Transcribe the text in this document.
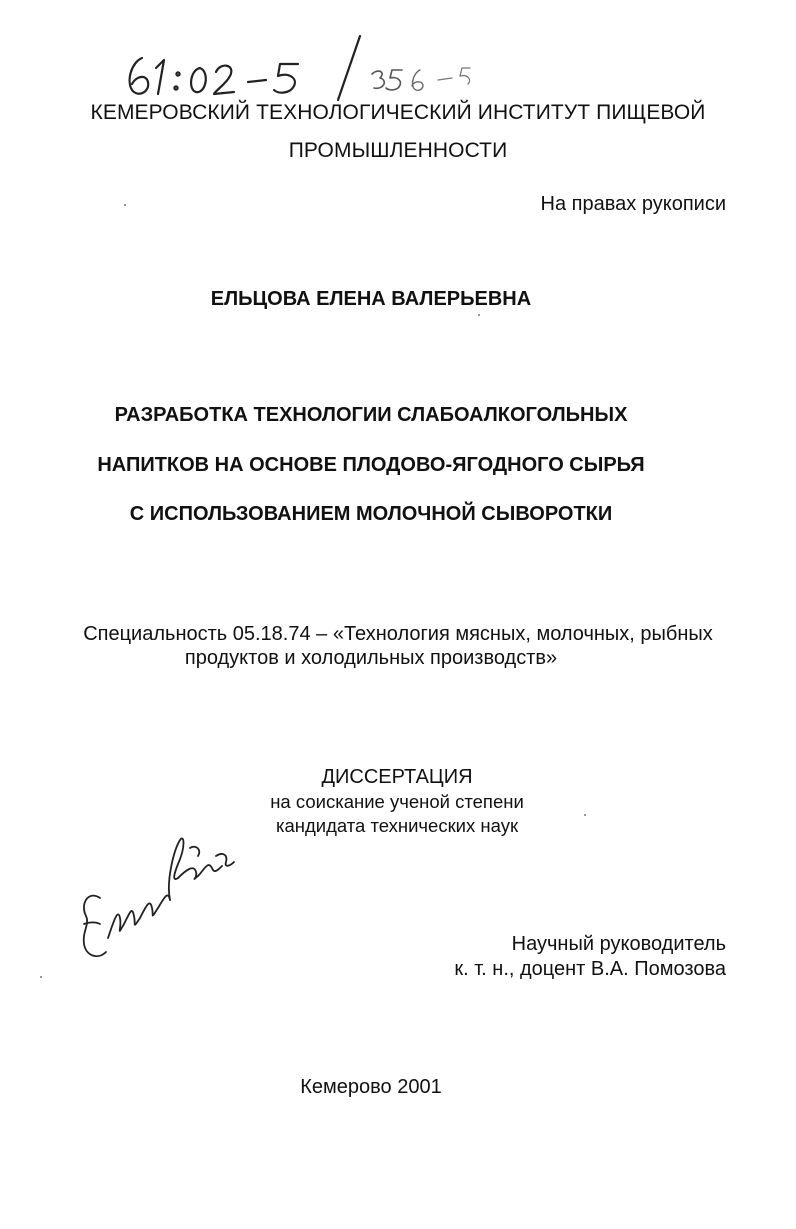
КЕМЕРОВСКИЙ ТЕХНОЛОГИЧЕСКИЙ ИНСТИТУТ ПИЩЕВОЙ
ПРОМЫШЛЕННОСТИ
На правах рукописи
ЕЛЬЦОВА ЕЛЕНА ВАЛЕРЬЕВНА
РАЗРАБОТКА ТЕХНОЛОГИИ СЛАБОАЛКОГОЛЬНЫХ
НАПИТКОВ НА ОСНОВЕ ПЛОДОВО-ЯГОДНОГО СЫРЬЯ
С ИСПОЛЬЗОВАНИЕМ МОЛОЧНОЙ СЫВОРОТКИ
Специальность 05.18.74 – «Технология мясных, молочных, рыбных
продуктов и холодильных производств»
ДИССЕРТАЦИЯ
на соискание ученой степени
кандидата технических наук
Научный руководитель
к. т. н., доцент В.А. Помозова
Кемерово 2001
